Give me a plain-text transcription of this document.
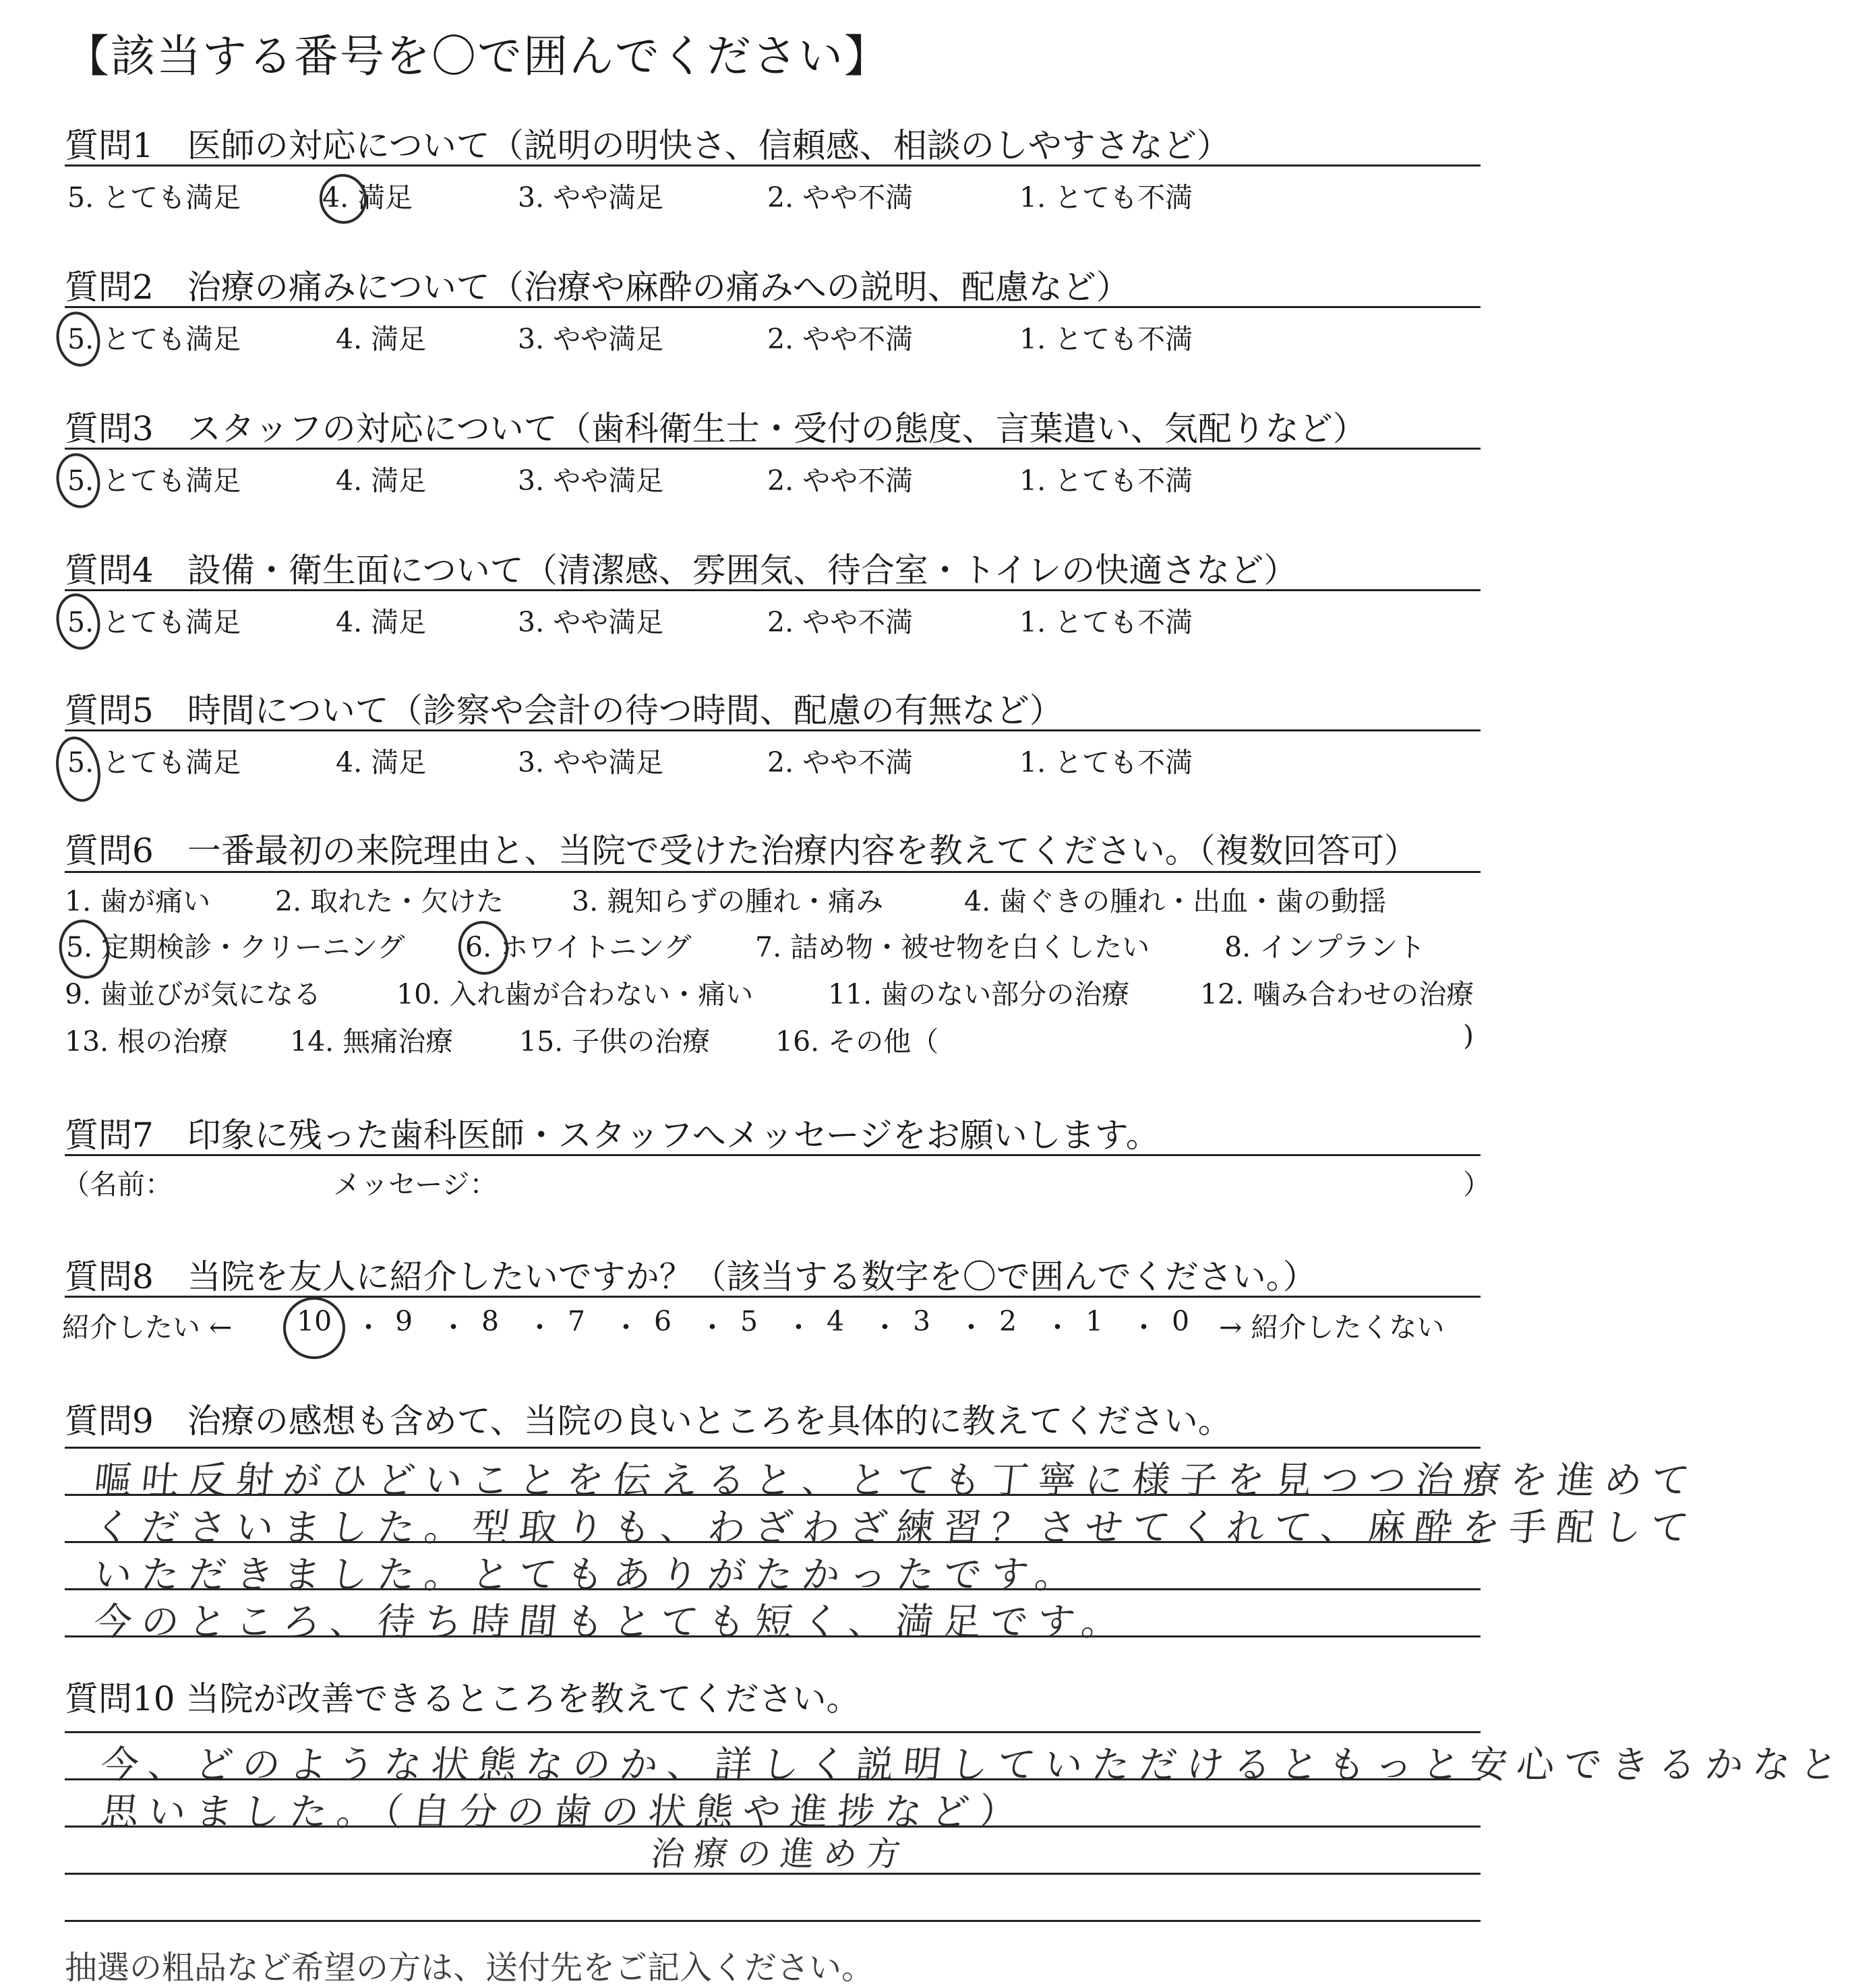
【該当する番号を〇で囲んでください】
質問1　医師の対応について（説明の明快さ、信頼感、相談のしやすさなど）
5. とても満足	4. 満足	3. やや満足	2. やや不満	1. とても不満
質問2　治療の痛みについて（治療や麻酔の痛みへの説明、配慮など）
5. とても満足	4. 満足	3. やや満足	2. やや不満	1. とても不満
質問3　スタッフの対応について（歯科衛生士・受付の態度、言葉遣い、気配りなど）
5. とても満足	4. 満足	3. やや満足	2. やや不満	1. とても不満
質問4　設備・衛生面について（清潔感、雰囲気、待合室・トイレの快適さなど）
5. とても満足	4. 満足	3. やや満足	2. やや不満	1. とても不満
質問5　時間について（診察や会計の待つ時間、配慮の有無など）
5. とても満足	4. 満足	3. やや満足	2. やや不満	1. とても不満
質問6　一番最初の来院理由と、当院で受けた治療内容を教えてください。（複数回答可）
1. 歯が痛い 2. 取れた・欠けた 3. 親知らずの腫れ・痛み	4. 歯ぐきの腫れ・出血・歯の動揺
5. 定期検診・クリーニング 6. ホワイトニング 7. 詰め物・被せ物を白くしたい	8. インプラント
9. 歯並びが気になる	10. 入れ歯が合わない・痛い	11. 歯のない部分の治療	12. 噛み合わせの治療
13. 根の治療 14. 無痛治療 15. 子供の治療 16. その他（	)
質問7　印象に残った歯科医師・スタッフへメッセージをお願いします。
（名前：	メッセージ：	）
質問8　当院を友人に紹介したいですか？（該当する数字を〇で囲んでください。）
紹介したい ← 10 ・ 9 ・ 8 ・ 7 ・ 6 ・ 5 ・ 4 ・ 3 ・ 2 ・ 1 ・ 0 → 紹介したくない
質問9　治療の感想も含めて、当院の良いところを具体的に教えてください。
嘔吐反射がひどいことを伝えると、とても丁寧に様子を見つつ治療を進めて
くださいました。型取りも、わざわざ練習？させてくれて、麻酔を手配して
いただきました。とてもありがたかったです。
今のところ、待ち時間もとても短く、満足です。
質問10 当院が改善できるところを教えてください。
今、どのような状態なのか、詳しく説明していただけるともっと安心できるかなと
思いました。（自分の歯の状態や進捗など）
治療の進め方
抽選の粗品など希望の方は、送付先をご記入ください。
